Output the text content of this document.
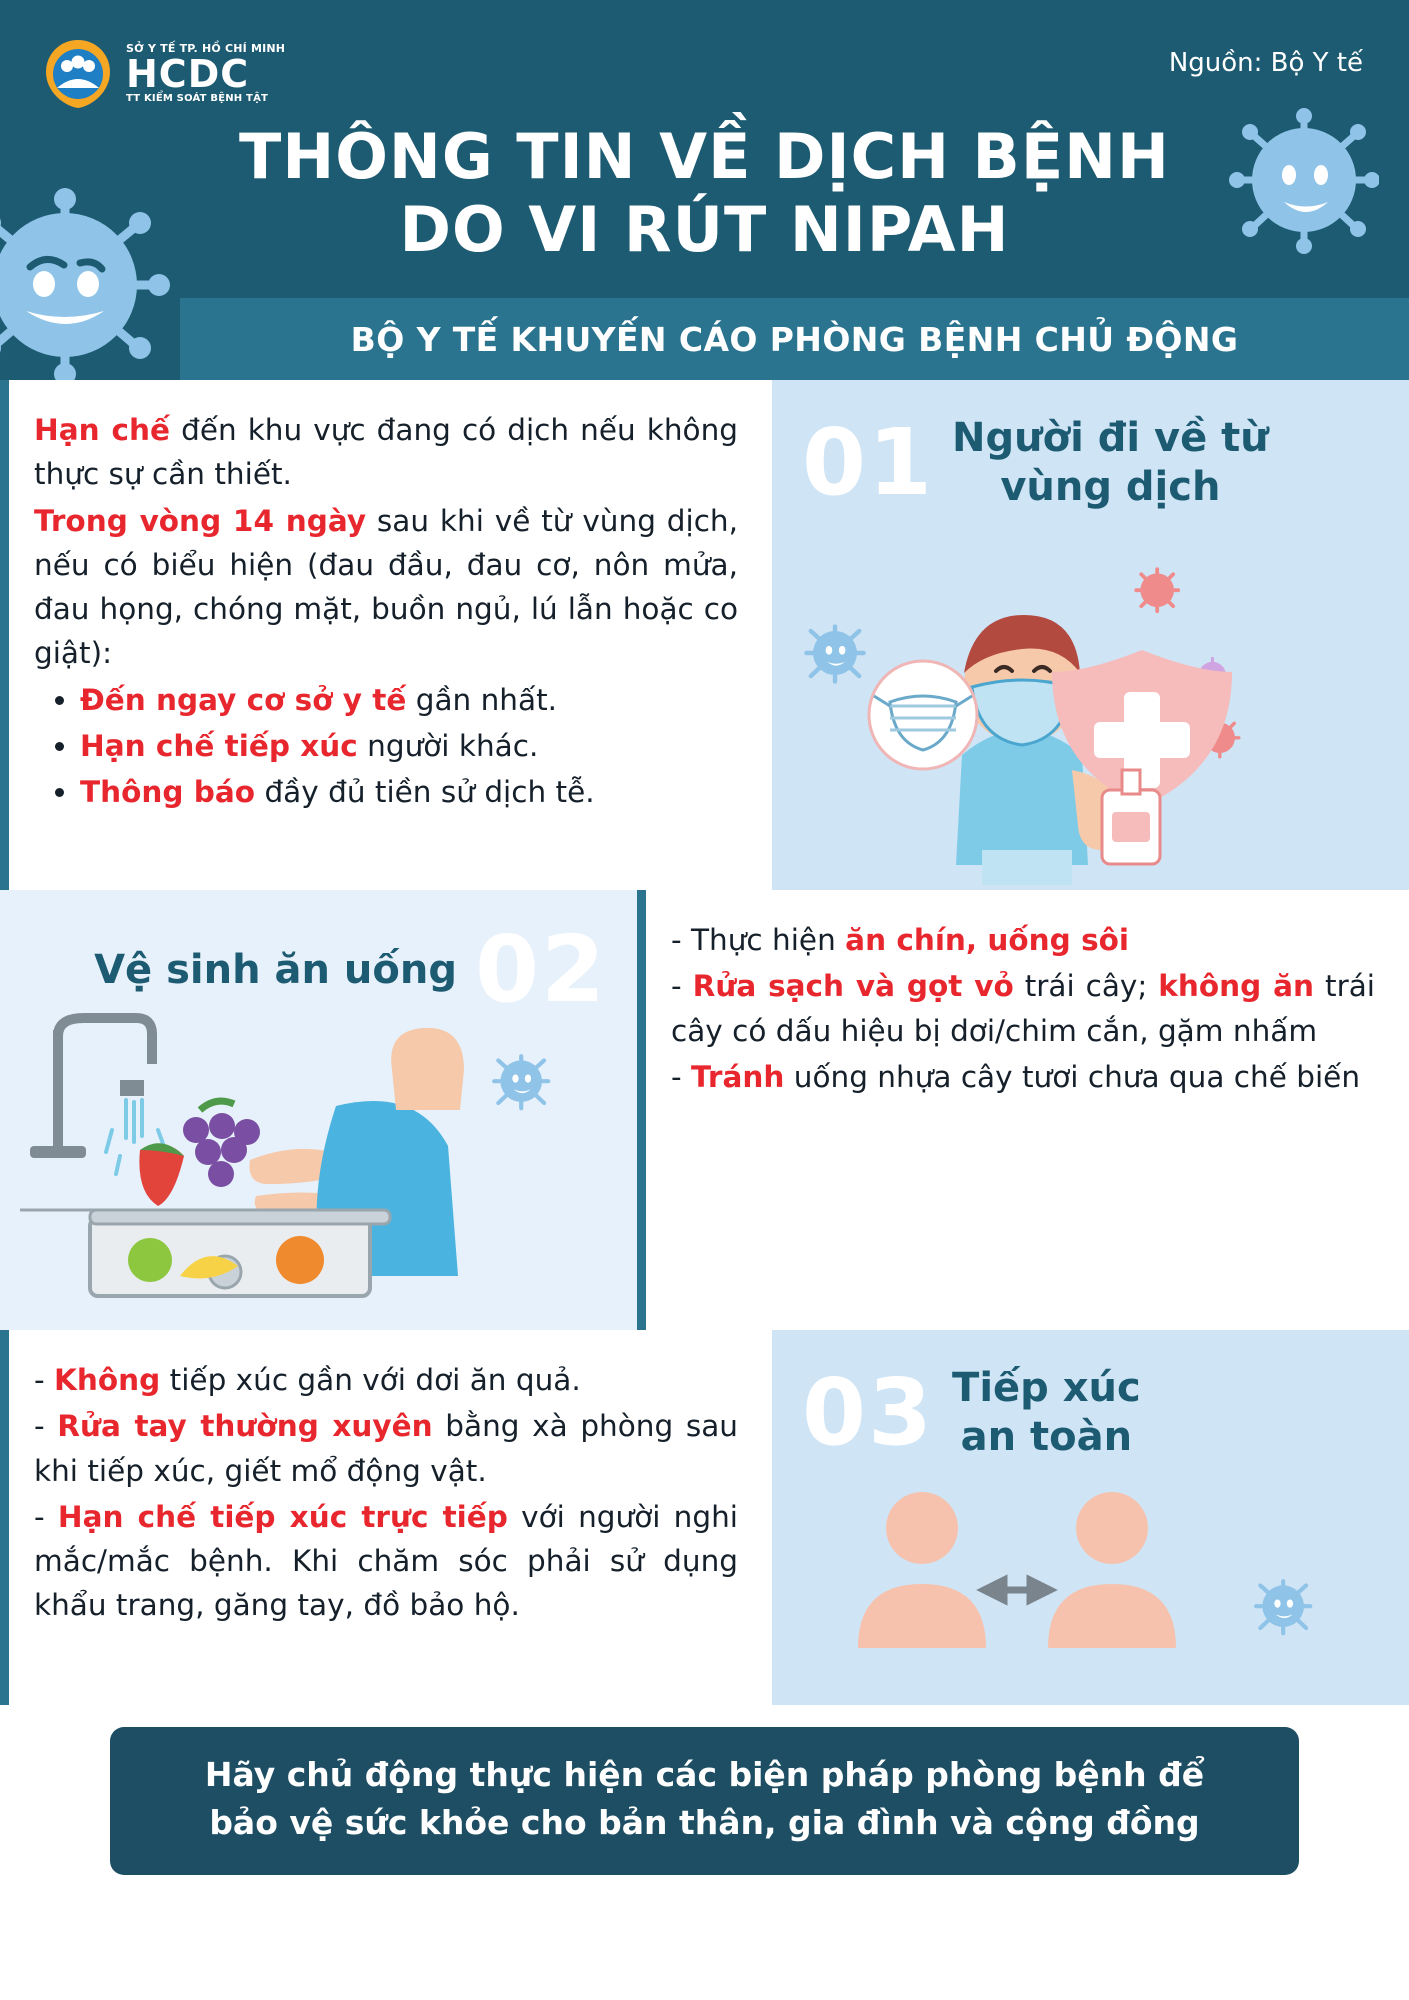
SỞ Y TẾ TP. HỒ CHÍ MINH
HCDC
TT KIỂM SOÁT BỆNH TẬT
Nguồn: Bộ Y tế
THÔNG TIN VỀ DỊCH BỆNH
DO VI RÚT NIPAH
BỘ Y TẾ KHUYẾN CÁO PHÒNG BỆNH CHỦ ĐỘNG

Hạn chế đến khu vực đang có dịch nếu không thực sự cần thiết.

Trong vòng 14 ngày sau khi về từ vùng dịch, nếu có biểu hiện (đau đầu, đau cơ, nôn mửa, đau họng, chóng mặt, buồn ngủ, lú lẫn hoặc co giật):

• Đến ngay cơ sở y tế gần nhất.
• Hạn chế tiếp xúc người khác.
• Thông báo đầy đủ tiền sử dịch tễ.
01 Người đi về từ
vùng dịch
Vệ sinh ăn uống 02 - Thực hiện ăn chín, uống sôi

- Rửa sạch và gọt vỏ trái cây; không ăn trái cây có dấu hiệu bị dơi/chim cắn, gặm nhấm

- Tránh uống nhựa cây tươi chưa qua chế biến

- Không tiếp xúc gần với dơi ăn quả.

- Rửa tay thường xuyên bằng xà phòng sau khi tiếp xúc, giết mổ động vật.

- Hạn chế tiếp xúc trực tiếp với người nghi mắc/mắc bệnh. Khi chăm sóc phải sử dụng khẩu trang, găng tay, đồ bảo hộ.

03 Tiếp xúc
an toàn
Hãy chủ động thực hiện các biện pháp phòng bệnh để
bảo vệ sức khỏe cho bản thân, gia đình và cộng đồng
